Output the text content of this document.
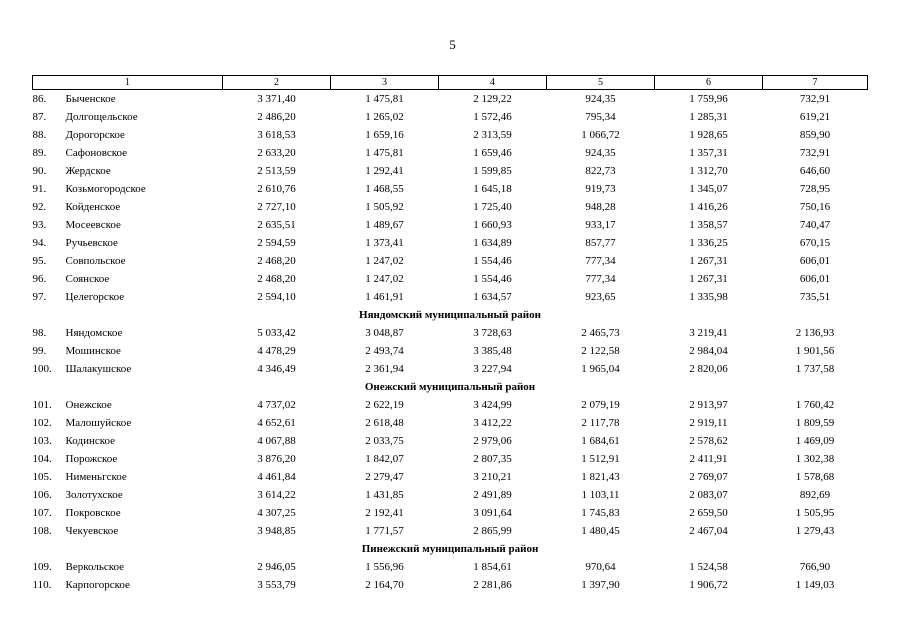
5
1	2	3	4	5	6	7
86. Быченское	3 371,40	1 475,81	2 129,22	924,35	1 759,96	732,91
87. Долгощельское	2 486,20	1 265,02	1 572,46	795,34	1 285,31	619,21
88. Дорогорское	3 618,53	1 659,16	2 313,59	1 066,72	1 928,65	859,90
89. Сафоновское	2 633,20	1 475,81	1 659,46	924,35	1 357,31	732,91
90. Жердское	2 513,59	1 292,41	1 599,85	822,73	1 312,70	646,60
91. Козьмогородское	2 610,76	1 468,55	1 645,18	919,73	1 345,07	728,95
92. Койденское	2 727,10	1 505,92	1 725,40	948,28	1 416,26	750,16
93. Мосеевское	2 635,51	1 489,67	1 660,93	933,17	1 358,57	740,47
94. Ручьевское	2 594,59	1 373,41	1 634,89	857,77	1 336,25	670,15
95. Совпольское	2 468,20	1 247,02	1 554,46	777,34	1 267,31	606,01
96. Соянское	2 468,20	1 247,02	1 554,46	777,34	1 267,31	606,01
97. Целегорское	2 594,10	1 461,91	1 634,57	923,65	1 335,98	735,51
Няндомский муниципальный район						
98. Няндомское	5 033,42	3 048,87	3 728,63	2 465,73	3 219,41	2 136,93
99. Мошинское	4 478,29	2 493,74	3 385,48	2 122,58	2 984,04	1 901,56
100. Шалакушское	4 346,49	2 361,94	3 227,94	1 965,04	2 820,06	1 737,58
Онежский муниципальный район						
101. Онежское	4 737,02	2 622,19	3 424,99	2 079,19	2 913,97	1 760,42
102. Малошуйское	4 652,61	2 618,48	3 412,22	2 117,78	2 919,11	1 809,59
103. Кодинское	4 067,88	2 033,75	2 979,06	1 684,61	2 578,62	1 469,09
104. Порожское	3 876,20	1 842,07	2 807,35	1 512,91	2 411,91	1 302,38
105. Нименьгское	4 461,84	2 279,47	3 210,21	1 821,43	2 769,07	1 578,68
106. Золотухское	3 614,22	1 431,85	2 491,89	1 103,11	2 083,07	892,69
107. Покровское	4 307,25	2 192,41	3 091,64	1 745,83	2 659,50	1 505,95
108. Чекуевское	3 948,85	1 771,57	2 865,99	1 480,45	2 467,04	1 279,43
Пинежский муниципальный район						
109. Веркольское	2 946,05	1 556,96	1 854,61	970,64	1 524,58	766,90
110. Карпогорское	3 553,79	2 164,70	2 281,86	1 397,90	1 906,72	1 149,03
